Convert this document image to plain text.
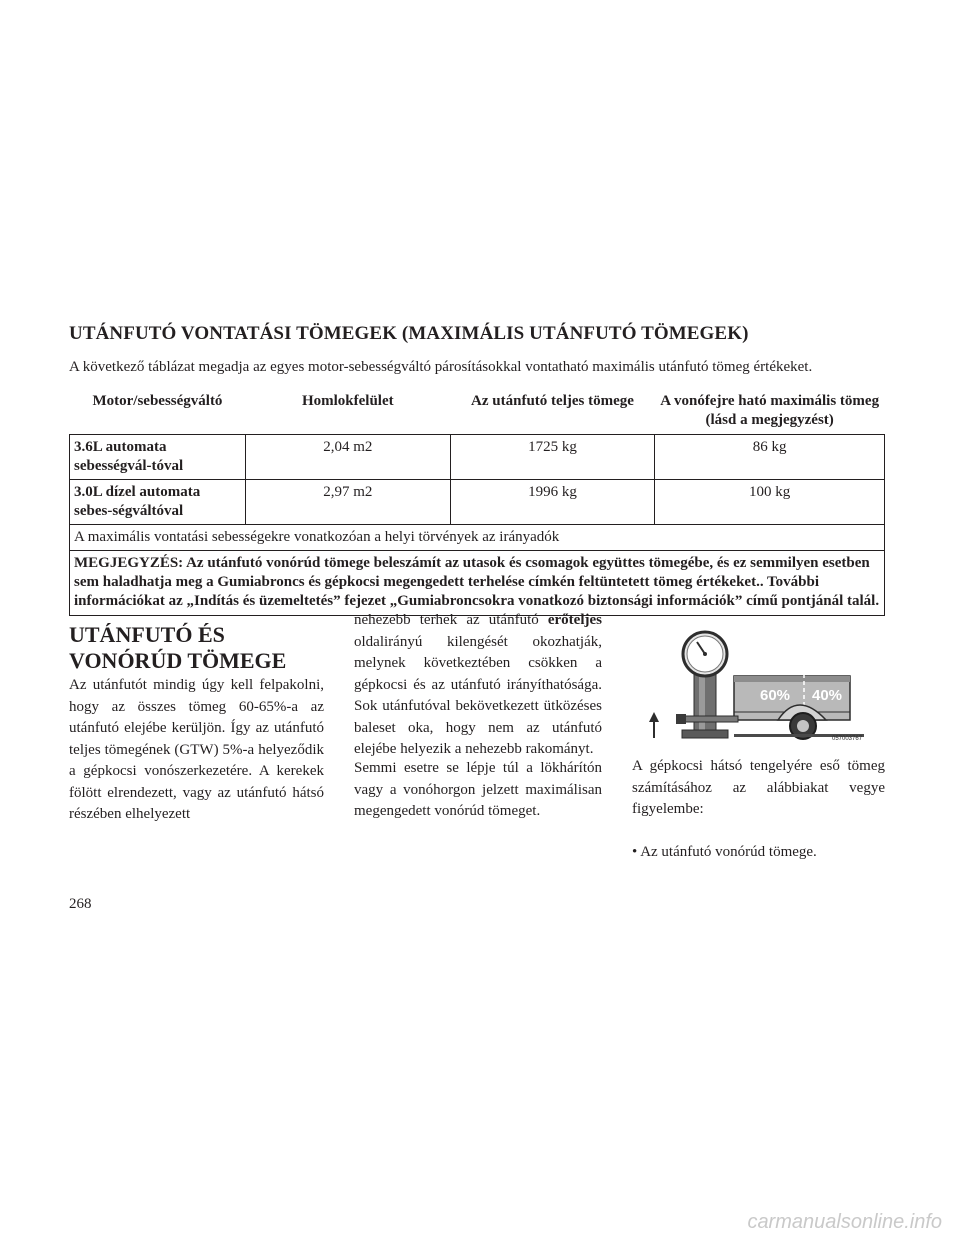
UTÁNFUTÓ VONTATÁSI TÖMEGEK (MAXIMÁLIS UTÁNFUTÓ TÖMEGEK)
A következő táblázat megadja az egyes motor-sebességváltó párosításokkal vontatható maximális utánfutó tömeg értékeket.
Motor/sebességváltó	Homlokfelület	Az utánfutó teljes tömege	A vonófejre ható maximális tömeg (lásd a megjegyzést)
3.6L automata sebességvál-tóval	2,04 m2	1725 kg	86 kg
3.0L dízel automata sebes-ségváltóval	2,97 m2	1996 kg	100 kg
A maximális vontatási sebességekre vonatkozóan a helyi törvények az irányadók			
MEGJEGYZÉS: Az utánfutó vonórúd tömege beleszámít az utasok és csomagok együttes tömegébe, és ez semmilyen esetben sem haladhatja meg a Gumiabroncs és gépkocsi megengedett terhelése címkén feltüntetett tömeg értékeket.. További információkat az „Indítás és üzemeltetés” fejezet „Gumiabroncsokra vonatkozó biztonsági információk” című pontjánál talál.			
UTÁNFUTÓ ÉS VONÓRÚD TÖMEGE
Az utánfutót mindig úgy kell felpakolni, hogy az összes tömeg 60-65%-a az utánfutó elejébe kerüljön. Így az utánfutó teljes tömegének (GTW) 5%-a helyeződik a gépkocsi vonószerkezetére. A kerekek fölött elrendezett, vagy az utánfutó hátsó részében elhelyezett
nehezebb terhek az utánfutó erőteljes oldalirányú kilengését okozhatják, melynek következtében csökken a gépkocsi és az utánfutó irányíthatósága. Sok utánfutóval bekövetkezett ütközéses baleset oka, hogy nem az utánfutó elejébe helyezik a nehezebb rakományt.
Semmi esetre se lépje túl a lökhárítón vagy a vonóhorgon jelzett maximálisan megengedett vonórúd tömeget.
60% 40%
057003767
A gépkocsi hátsó tengelyére eső tömeg számításához az alábbiakat vegye figyelembe:
• Az utánfutó vonórúd tömege.
268
carmanualsonline.info
